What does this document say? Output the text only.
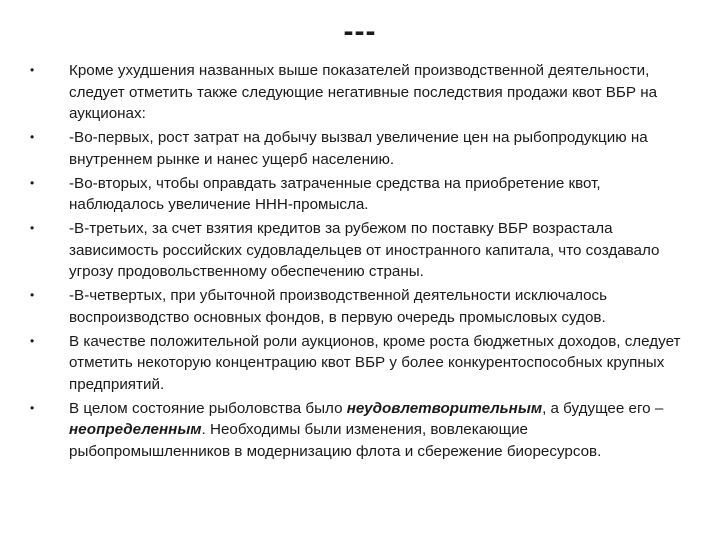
---
•	Кроме ухудшения названных выше показателей производственной деятельности, следует отметить также следующие негативные последствия продажи квот ВБР на аукционах:
•	-Во-первых, рост затрат на добычу вызвал увеличение цен на рыбопродукцию на внутреннем рынке и нанес ущерб населению.
•	-Во-вторых, чтобы оправдать затраченные средства на приобретение квот, наблюдалось увеличение ННН-промысла.
•	-В-третьих, за счет взятия кредитов за рубежом по поставку ВБР возрастала зависимость российских судовладельцев от иностранного капитала, что создавало угрозу продовольственному обеспечению страны.
•	-В-четвертых, при убыточной производственной деятельности исключалось воспроизводство основных фондов, в первую очередь промысловых судов.
•	В качестве положительной роли аукционов, кроме роста бюджетных доходов, следует отметить некоторую концентрацию квот ВБР у более конкурентоспособных крупных предприятий.
•	В целом состояние рыболовства было неудовлетворительным, а будущее его – неопределенным. Необходимы были изменения, вовлекающие рыбопромышленников в модернизацию флота и сбережение биоресурсов.
